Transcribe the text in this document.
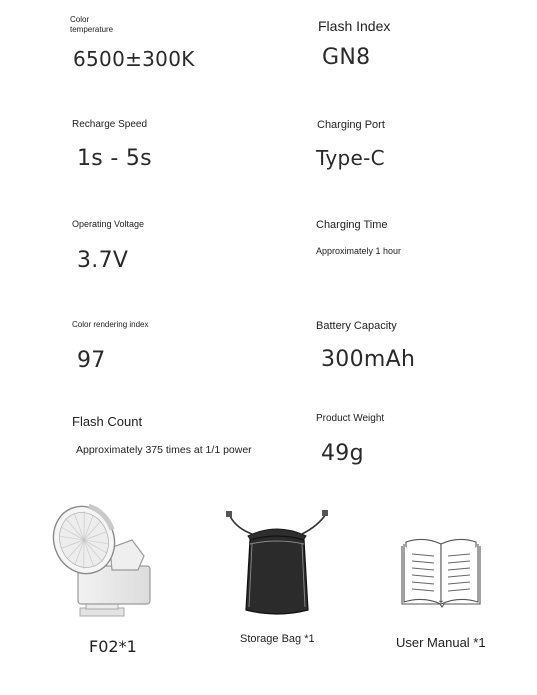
Color
temperature
6500±300K
Flash Index
GN8
Recharge Speed
1s - 5s
Charging Port
Type-C
Operating Voltage
3.7V
Charging Time
Approximately 1 hour
Color rendering index
97
Battery Capacity
300mAh
Flash Count
Approximately 375 times at 1/1 power
Product Weight
49g
F02*1	Storage Bag *1	User Manual *1
